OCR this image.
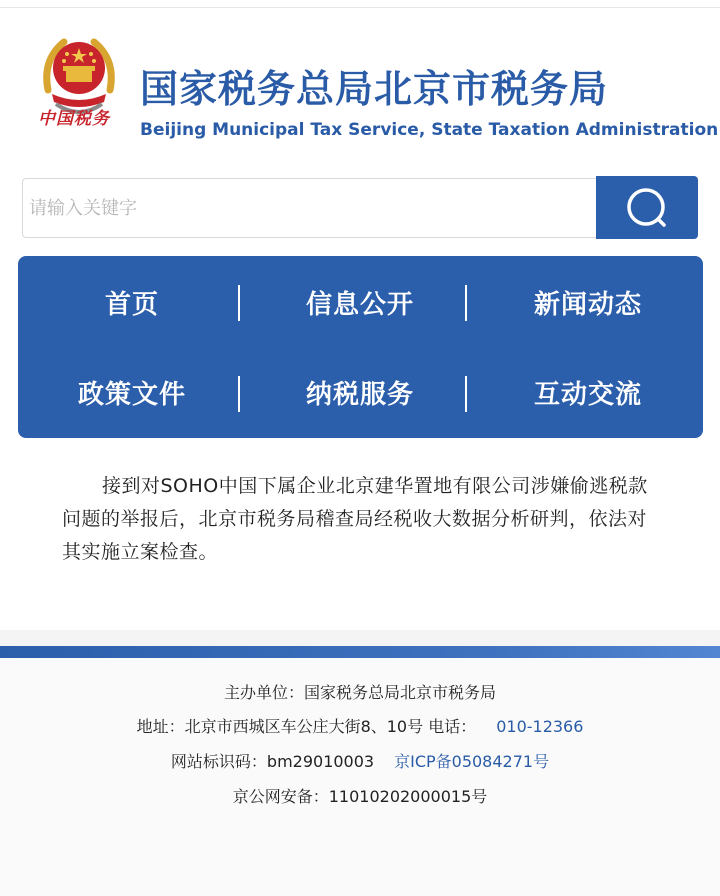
国家税务总局北京市税务局
Beijing Municipal Tax Service, State Taxation Administration
中国税务
请输入关键字
首页	信息公开	新闻动态
政策文件	纳税服务	互动交流

接到对SOHO中国下属企业北京建华置地有限公司涉嫌偷逃税款问题的举报后，北京市税务局稽查局经税收大数据分析研判，依法对其实施立案检查。

主办单位：国家税务总局北京市税务局
地址：北京市西城区车公庄大街8、10号 电话： 010-12366
网站标识码：bm29010003 京ICP备05084271号
京公网安备：11010202000015号
